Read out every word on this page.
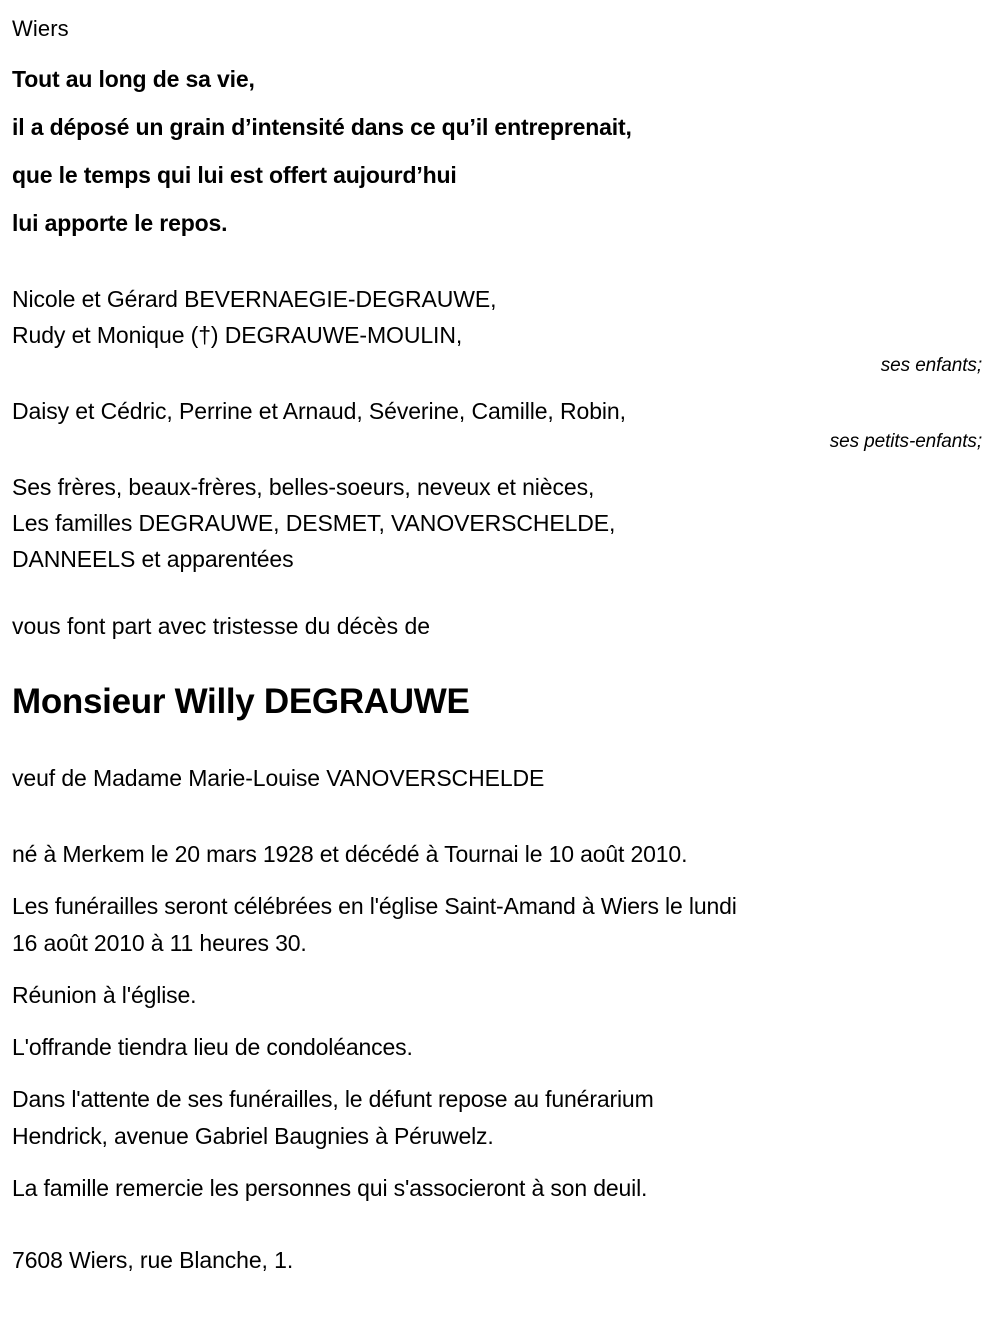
Wiers
Tout au long de sa vie,
il a déposé un grain d’intensité dans ce qu’il entreprenait,
que le temps qui lui est offert aujourd’hui
lui apporte le repos.
Nicole et Gérard BEVERNAEGIE-DEGRAUWE,
Rudy et Monique (†) DEGRAUWE-MOULIN,
ses enfants;
Daisy et Cédric, Perrine et Arnaud, Séverine, Camille, Robin,
ses petits-enfants;
Ses frères, beaux-frères, belles-soeurs, neveux et nièces,
Les familles DEGRAUWE, DESMET, VANOVERSCHELDE,
DANNEELS et apparentées
vous font part avec tristesse du décès de
Monsieur Willy DEGRAUWE
veuf de Madame Marie-Louise VANOVERSCHELDE
né à Merkem le 20 mars 1928 et décédé à Tournai le 10 août 2010.
Les funérailles seront célébrées en l'église Saint-Amand à Wiers le lundi
16 août 2010 à 11 heures 30.
Réunion à l'église.
L'offrande tiendra lieu de condoléances.
Dans l'attente de ses funérailles, le défunt repose au funérarium
Hendrick, avenue Gabriel Baugnies à Péruwelz.
La famille remercie les personnes qui s'associeront à son deuil.
7608 Wiers, rue Blanche, 1.
